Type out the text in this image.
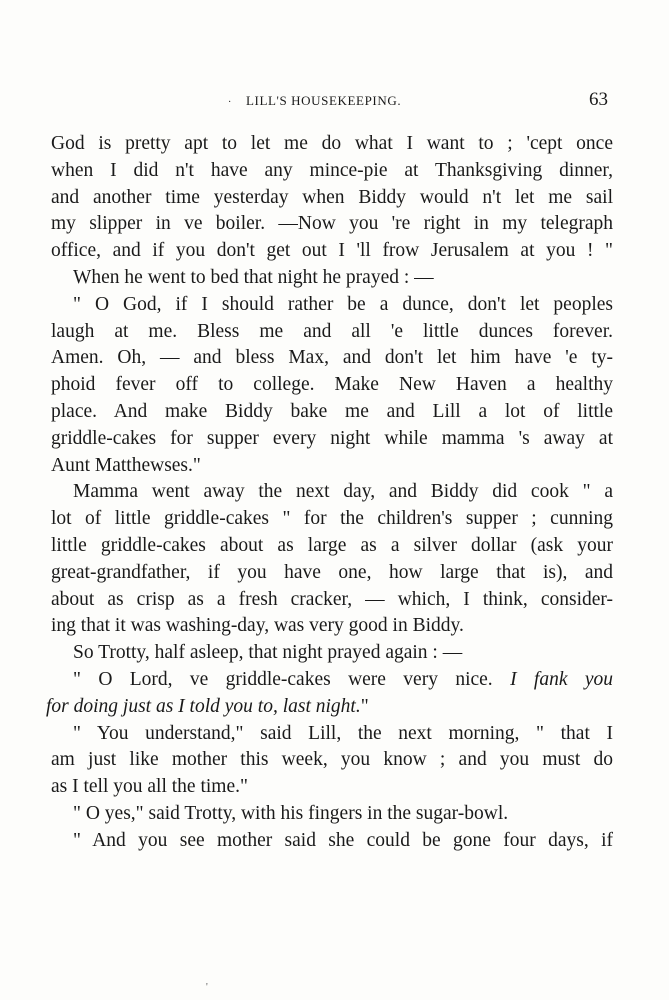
· LILL'S HOUSEKEEPING.	63
God is pretty apt to let me do what I want to ; 'cept once
when I did n't have any mince-pie at Thanksgiving dinner,
and another time yesterday when Biddy would n't let me sail
my slipper in ve boiler. —Now you 're right in my telegraph
office, and if you don't get out I 'll frow Jerusalem at you ! "
When he went to bed that night he prayed : —
" O God, if I should rather be a dunce, don't let peoples
laugh at me. Bless me and all 'e little dunces forever.
Amen. Oh, — and bless Max, and don't let him have 'e ty-
phoid fever off to college. Make New Haven a healthy
place. And make Biddy bake me and Lill a lot of little
griddle-cakes for supper every night while mamma 's away at
Aunt Matthewses."
Mamma went away the next day, and Biddy did cook " a
lot of little griddle-cakes " for the children's supper ; cunning
little griddle-cakes about as large as a silver dollar (ask your
great-grandfather, if you have one, how large that is), and
about as crisp as a fresh cracker, — which, I think, consider-
ing that it was washing-day, was very good in Biddy.
So Trotty, half asleep, that night prayed again : —
" O Lord, ve griddle-cakes were very nice. I fank you
for doing just as I told you to, last night."
" You understand," said Lill, the next morning, " that I
am just like mother this week, you know ; and you must do
as I tell you all the time."
" O yes," said Trotty, with his fingers in the sugar-bowl.
" And you see mother said she could be gone four days, if
'
